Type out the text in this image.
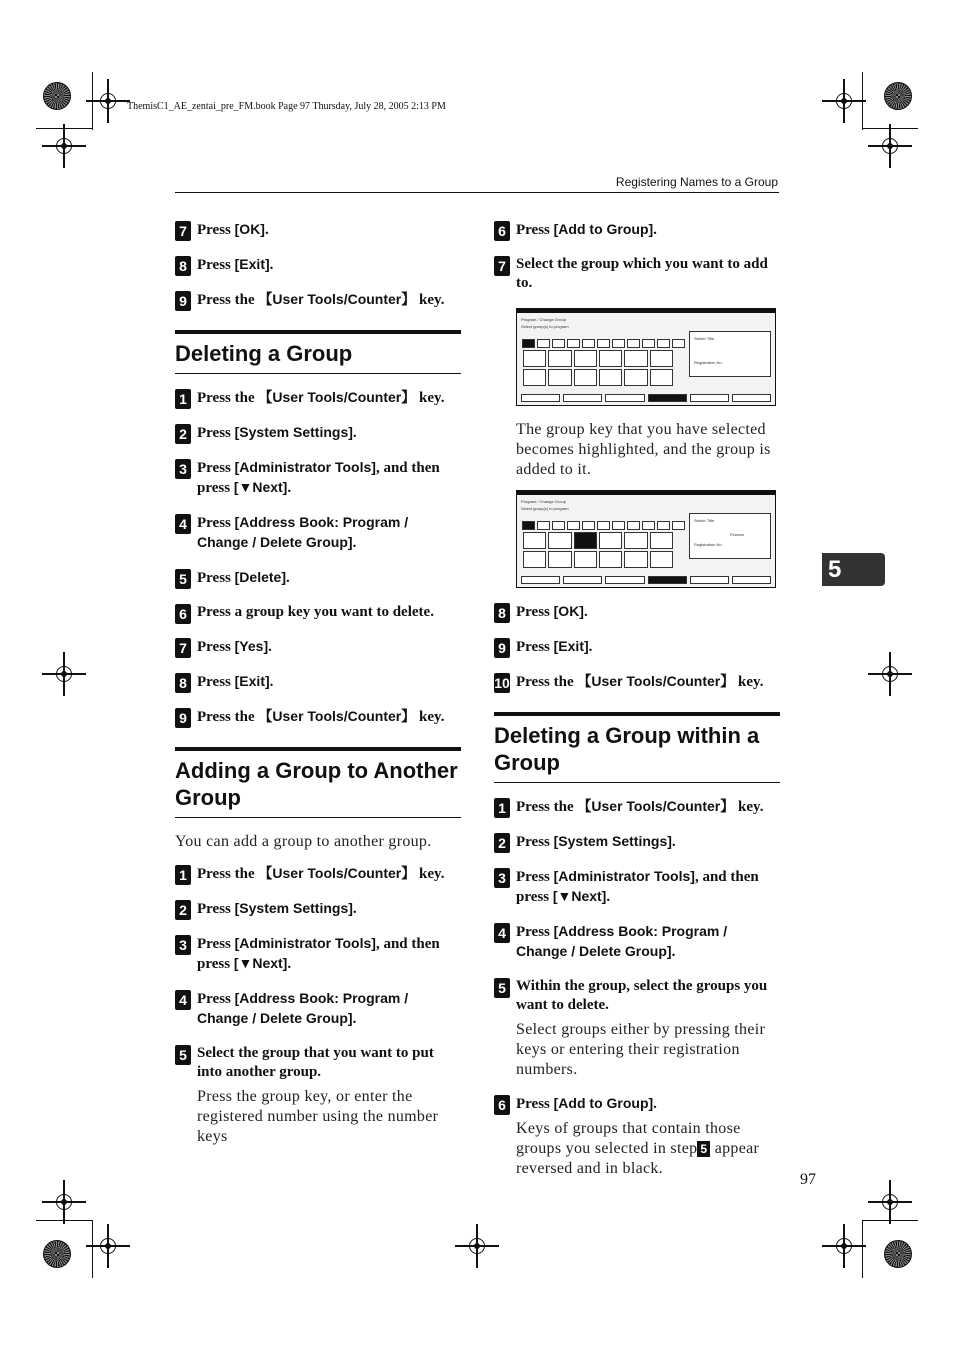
ThemisC1_AE_zentai_pre_FM.book Page 97 Thursday, July 28, 2005 2:13 PM
Registering Names to a Group
7 Press [OK].
8 Press [Exit].
9 Press the 【User Tools/Counter】 key.
Deleting a Group
1 Press the 【User Tools/Counter】 key.
2 Press [System Settings].
3 Press [Administrator Tools], and then press [▼Next].
4 Press [Address Book: Program / Change / Delete Group].
5 Press [Delete].
6 Press a group key you want to delete.
7 Press [Yes].
8 Press [Exit].
9 Press the 【User Tools/Counter】 key.
Adding a Group to Another Group
You can add a group to another group.
1 Press the 【User Tools/Counter】 key.
2 Press [System Settings].
3 Press [Administrator Tools], and then press [▼Next].
4 Press [Address Book: Program / Change / Delete Group].
5 Select the group that you want to put into another group.
Press the group key, or enter the registered number using the number keys
6 Press [Add to Group].
7 Select the group which you want to add to.
Program / Change Group
Select group(s) to program
Switch Title
Registration No.
The group key that you have selected becomes highlighted, and the group is added to it.
Program / Change Group
Select group(s) to program
Switch Title
Finance
Registration No.
8 Press [OK].
9 Press [Exit].
10 Press the 【User Tools/Counter】 key.
Deleting a Group within a Group
1 Press the 【User Tools/Counter】 key.
2 Press [System Settings].
3 Press [Administrator Tools], and then press [▼Next].
4 Press [Address Book: Program / Change / Delete Group].
5 Within the group, select the groups you want to delete.
Select groups either by pressing their keys or entering their registration numbers.
6 Press [Add to Group].
Keys of groups that contain those groups you selected in step 5 appear reversed and in black.
5
97
